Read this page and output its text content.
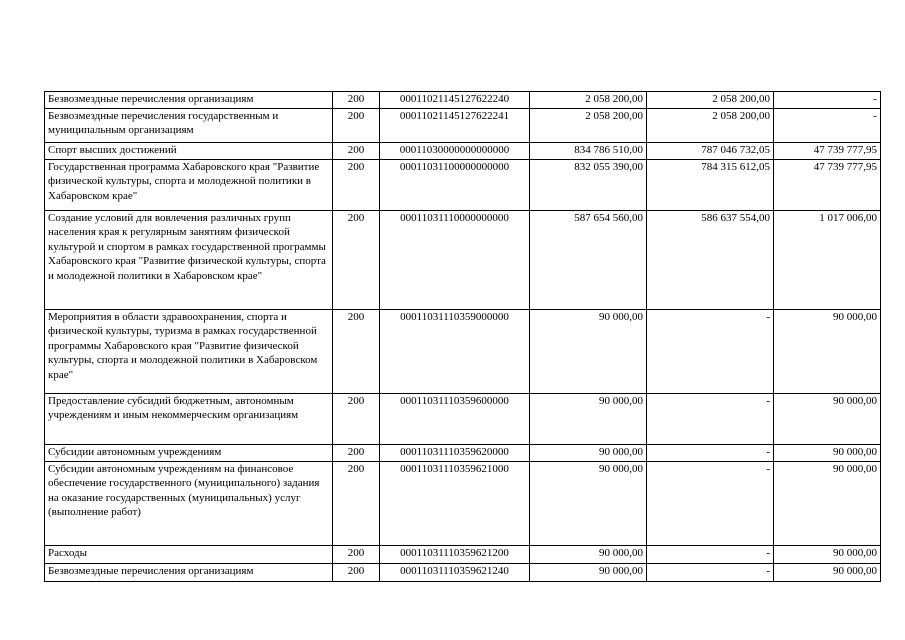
Безвозмездные перечисления организациям	200	00011021145127622240	2 058 200,00	2 058 200,00	-
Безвозмездные перечисления государственным и муниципальным организациям	200	00011021145127622241	2 058 200,00	2 058 200,00	-
Спорт высших достижений	200	00011030000000000000	834 786 510,00	787 046 732,05	47 739 777,95
Государственная программа Хабаровского края "Развитие физической культуры, спорта и молодежной политики в Хабаровском крае"	200	00011031100000000000	832 055 390,00	784 315 612,05	47 739 777,95
Создание условий для вовлечения различных групп населения края к регулярным занятиям физической культурой и спортом в рамках государственной программы Хабаровского края "Развитие физической культуры, спорта и молодежной политики в Хабаровском крае"	200	00011031110000000000	587 654 560,00	586 637 554,00	1 017 006,00
Мероприятия в области здравоохранения, спорта и физической культуры, туризма в рамках государственной программы Хабаровского края "Развитие физической культуры, спорта и молодежной политики в Хабаровском крае"	200	00011031110359000000	90 000,00	-	90 000,00
Предоставление субсидий бюджетным, автономным учреждениям и иным некоммерческим организациям	200	00011031110359600000	90 000,00	-	90 000,00
Субсидии автономным учреждениям	200	00011031110359620000	90 000,00	-	90 000,00
Субсидии автономным учреждениям на финансовое обеспечение государственного (муниципального) задания на оказание государственных (муниципальных) услуг (выполнение работ)	200	00011031110359621000	90 000,00	-	90 000,00
Расходы	200	00011031110359621200	90 000,00	-	90 000,00
Безвозмездные перечисления организациям	200	00011031110359621240	90 000,00	-	90 000,00
